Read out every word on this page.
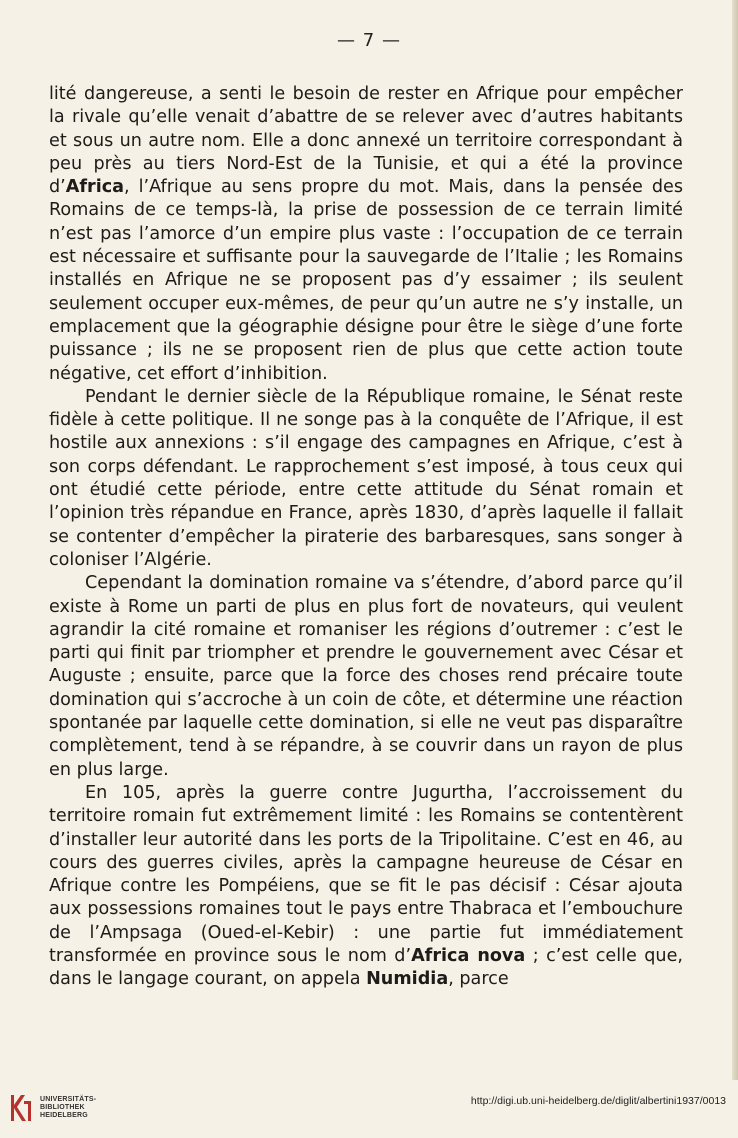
— 7 —

lité dangereuse, a senti le besoin de rester en Afrique pour empêcher la rivale qu’elle venait d’abattre de se relever avec d’autres habitants et sous un autre nom. Elle a donc annexé un territoire correspondant à peu près au tiers Nord-Est de la Tunisie, et qui a été la province d’Africa, l’Afrique au sens propre du mot. Mais, dans la pensée des Romains de ce temps-là, la prise de possession de ce terrain limité n’est pas l’amorce d’un empire plus vaste : l’occupation de ce terrain est nécessaire et suffisante pour la sauvegarde de l’Italie ; les Romains installés en Afrique ne se proposent pas d’y essaimer ; ils seulent seulement occuper eux-mêmes, de peur qu’un autre ne s’y installe, un emplacement que la géographie désigne pour être le siège d’une forte puissance ; ils ne se proposent rien de plus que cette action toute négative, cet effort d’inhibition.

Pendant le dernier siècle de la République romaine, le Sénat reste fidèle à cette politique. Il ne songe pas à la conquête de l’Afrique, il est hostile aux annexions : s’il engage des campagnes en Afrique, c’est à son corps défendant. Le rapprochement s’est imposé, à tous ceux qui ont étudié cette période, entre cette attitude du Sénat romain et l’opinion très répandue en France, après 1830, d’après laquelle il fallait se contenter d’empêcher la piraterie des barbaresques, sans songer à coloniser l’Algérie.

Cependant la domination romaine va s’étendre, d’abord parce qu’il existe à Rome un parti de plus en plus fort de novateurs, qui veulent agrandir la cité romaine et romaniser les régions d’outremer : c’est le parti qui finit par triompher et prendre le gouvernement avec César et Auguste ; ensuite, parce que la force des choses rend précaire toute domination qui s’accroche à un coin de côte, et détermine une réaction spontanée par laquelle cette domination, si elle ne veut pas disparaître complètement, tend à se répandre, à se couvrir dans un rayon de plus en plus large.

En 105, après la guerre contre Jugurtha, l’accroissement du territoire romain fut extrêmement limité : les Romains se contentèrent d’installer leur autorité dans les ports de la Tripolitaine. C’est en 46, au cours des guerres civiles, après la campagne heureuse de César en Afrique contre les Pompéiens, que se fit le pas décisif : César ajouta aux possessions romaines tout le pays entre Thabraca et l’embouchure de l’Ampsaga (Oued-el-Kebir) : une partie fut immédiatement transformée en province sous le nom d’Africa nova ; c’est celle que, dans le langage courant, on appela Numidia, parce

UNIVERSITÄTS-
BIBLIOTHEK
HEIDELBERG
http://digi.ub.uni-heidelberg.de/diglit/albertini1937/0013
